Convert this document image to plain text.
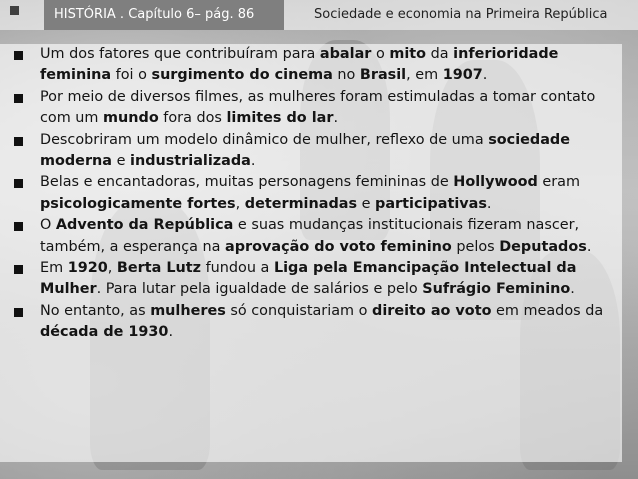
HISTÓRIA . Capítulo 6– pág. 86	Sociedade e economia na Primeira República
Um dos fatores que contribuíram para abalar o mito da inferioridade feminina foi o surgimento do cinema no Brasil, em 1907.
Por meio de diversos filmes, as mulheres foram estimuladas a tomar contato com um mundo fora dos limites do lar.
Descobriram um modelo dinâmico de mulher, reflexo de uma sociedade moderna e industrializada.
Belas e encantadoras, muitas personagens femininas de Hollywood eram psicologicamente fortes, determinadas e participativas.
O Advento da República e suas mudanças institucionais fizeram nascer, também, a esperança na aprovação do voto feminino pelos Deputados.
Em 1920, Berta Lutz fundou a Liga pela Emancipação Intelectual da Mulher. Para lutar pela igualdade de salários e pelo Sufrágio Feminino.
No entanto, as mulheres só conquistariam o direito ao voto em meados da década de 1930.
